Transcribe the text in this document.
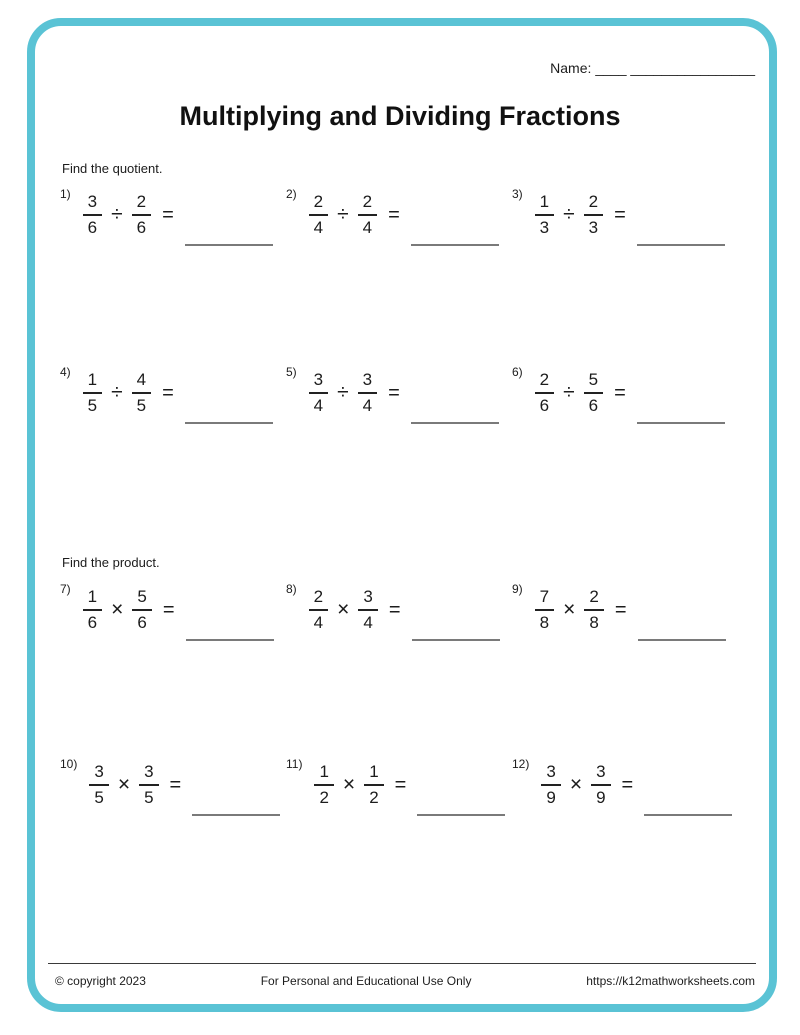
Name: ____ ________________
Multiplying and Dividing Fractions
Find the quotient.
Find the product.
$1) \frac{3}{6} \div \frac{2}{6}$ =
$2) \frac{2}{4} \div \frac{2}{4}$ =
$3) \frac{1}{3} \div \frac{2}{3}$ =
$4) \frac{1}{5} \div \frac{4}{5}$ =
$5) \frac{3}{4} \div \frac{3}{4}$ =
$6) \frac{2}{6} \div \frac{5}{6}$ =
$7) \frac{1}{6} \times \frac{5}{6}$ =
$8) \frac{2}{4} \times \frac{3}{4}$ =
$9) \frac{7}{8} \times \frac{2}{8}$ =
$10) \frac{3}{5} \times \frac{3}{5}$ =
$11) \frac{1}{2} \times \frac{1}{2}$ =
$12) \frac{3}{9} \times \frac{3}{9}$ =
© copyright 2023	For Personal and Educational Use Only	https://k12mathworksheets.com
